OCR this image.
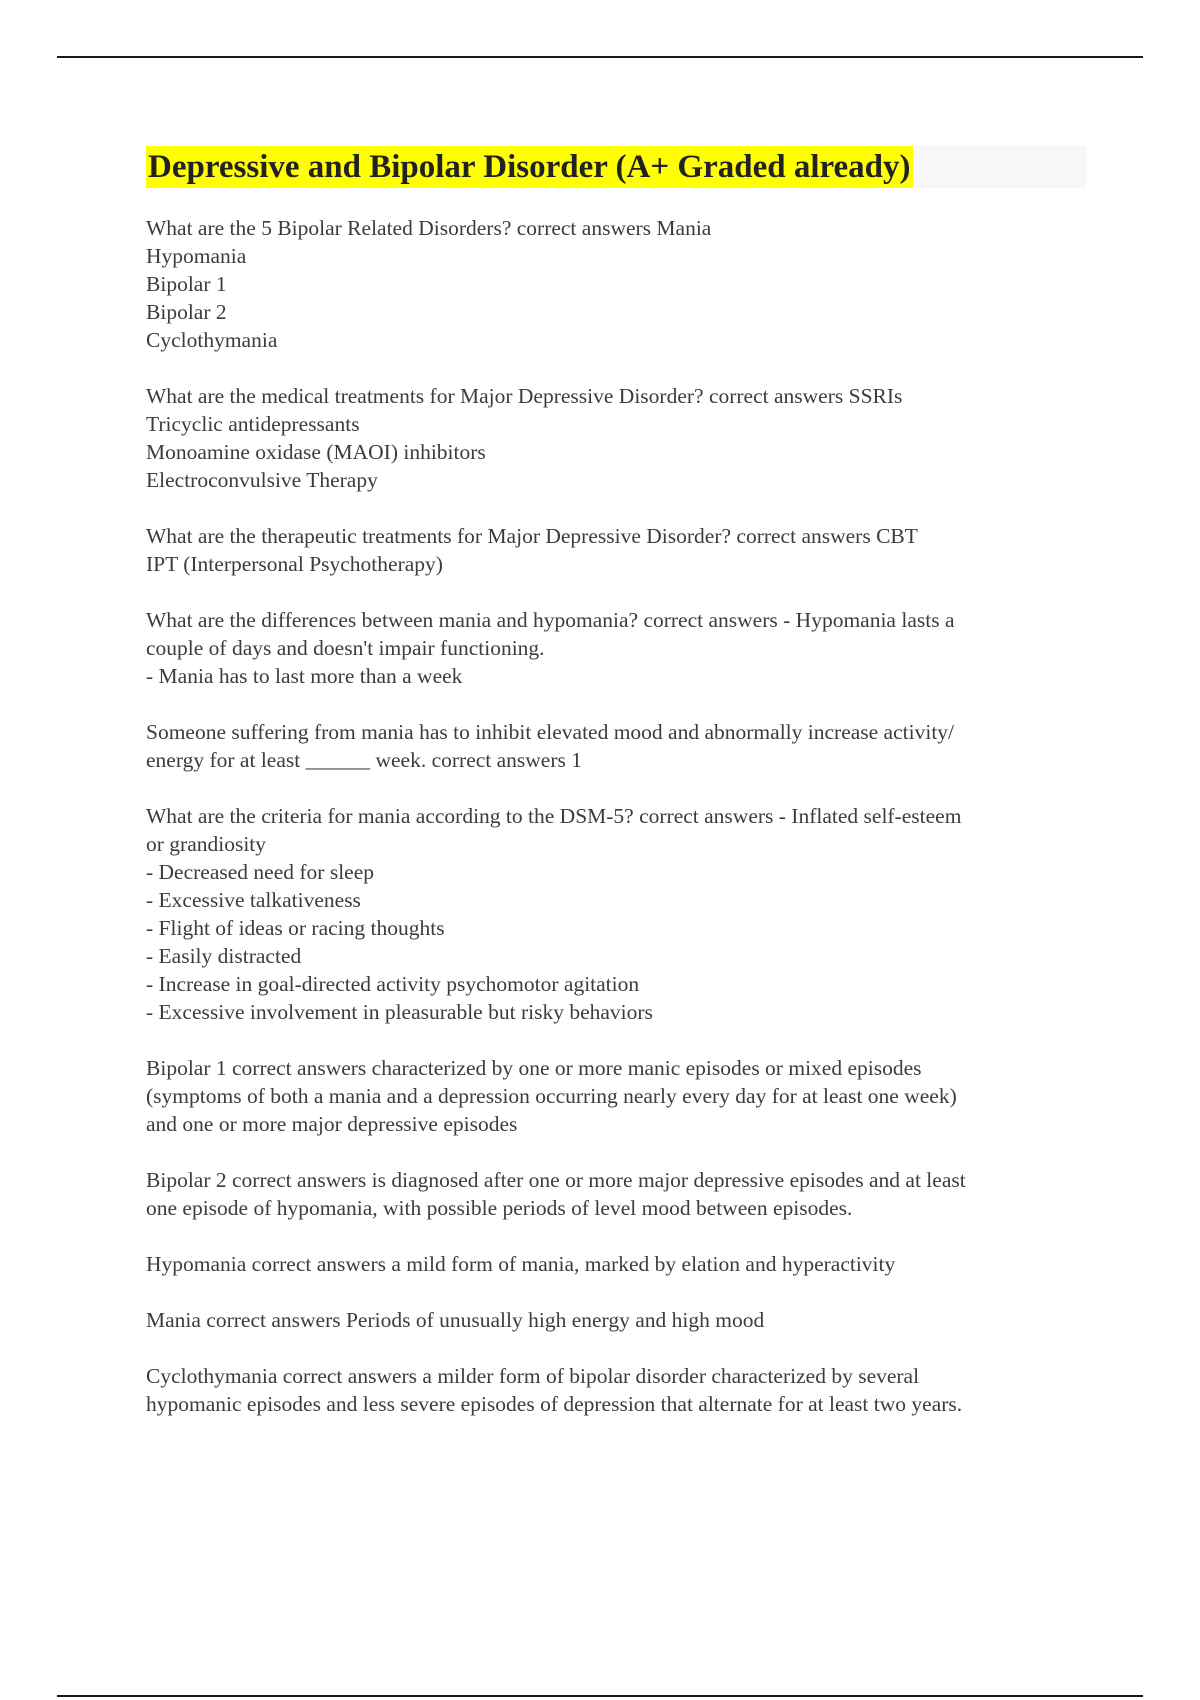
Depressive and Bipolar Disorder (A+ Graded already)

What are the 5 Bipolar Related Disorders? correct answers Mania

Hypomania

Bipolar 1

Bipolar 2

Cyclothymania

What are the medical treatments for Major Depressive Disorder? correct answers SSRIs

Tricyclic antidepressants

Monoamine oxidase (MAOI) inhibitors

Electroconvulsive Therapy

What are the therapeutic treatments for Major Depressive Disorder? correct answers CBT

IPT (Interpersonal Psychotherapy)

What are the differences between mania and hypomania? correct answers - Hypomania lasts a

couple of days and doesn't impair functioning.

- Mania has to last more than a week

Someone suffering from mania has to inhibit elevated mood and abnormally increase activity/

energy for at least ______ week. correct answers 1

What are the criteria for mania according to the DSM-5? correct answers - Inflated self-esteem

or grandiosity

- Decreased need for sleep

- Excessive talkativeness

- Flight of ideas or racing thoughts

- Easily distracted

- Increase in goal-directed activity psychomotor agitation

- Excessive involvement in pleasurable but risky behaviors

Bipolar 1 correct answers characterized by one or more manic episodes or mixed episodes

(symptoms of both a mania and a depression occurring nearly every day for at least one week)

and one or more major depressive episodes

Bipolar 2 correct answers is diagnosed after one or more major depressive episodes and at least

one episode of hypomania, with possible periods of level mood between episodes.

Hypomania correct answers a mild form of mania, marked by elation and hyperactivity

Mania correct answers Periods of unusually high energy and high mood

Cyclothymania correct answers a milder form of bipolar disorder characterized by several

hypomanic episodes and less severe episodes of depression that alternate for at least two years.
